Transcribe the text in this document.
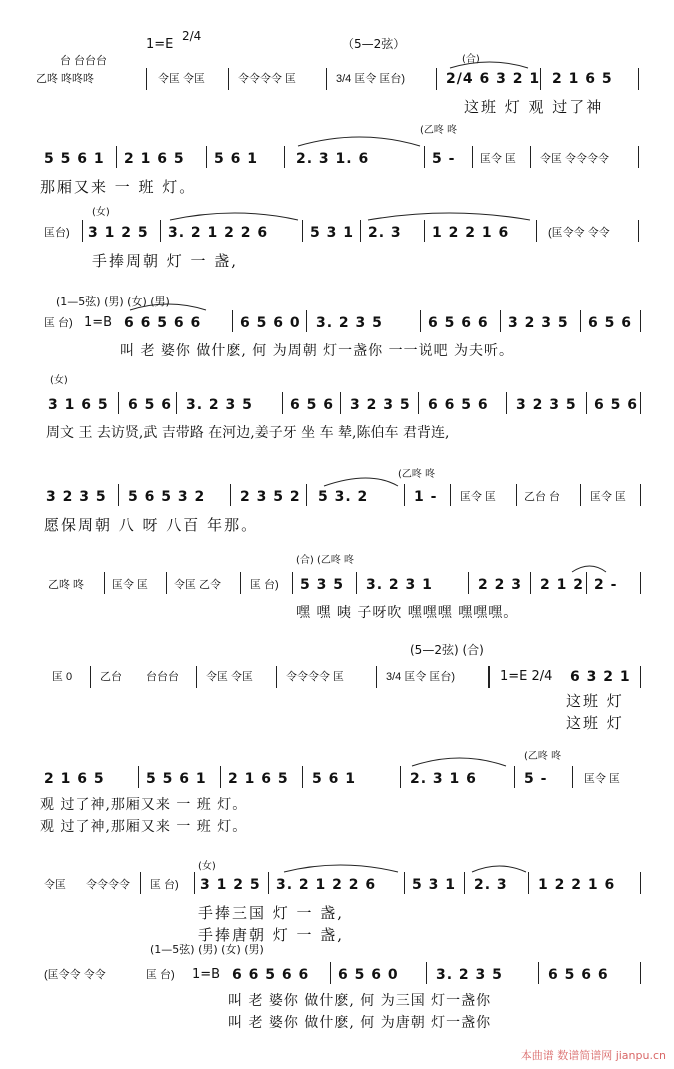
1=E
2/4
（5—2弦）
(合)
台 台台台
乙咚 咚咚咚	令匡 令匡	令令令令 匡	3/4 匡令 匡台)	2/4 6 3 2 1 2 1 6 5
这班 灯 观 过了神
(乙咚 咚
5 5 6 1 2 1 6 5 5 6 1	2. 3 1. 6	5 - 匡令 匡 令匡 令令令令
那厢又来 一 班 灯。
(女)
匡台) 3 1 2 5 3. 2 1 2 2 6	5 3 1 2. 3 1 2 2 1 6	(匡令令 令令
手捧周朝 灯 一 盏,
(1—5弦) (男) (女) (男)
匡 台) 1=B 6 6 5 6 6	6 5 6 0 3. 2 3 5	6 5 6 6 3 2 3 5 6 5 6
叫 老 婆你 做什麽, 何 为周朝 灯一盏你 一一说吧 为夫听。
(女)
3 1 6 5 6 5 6 3. 2 3 5	6 5 6 3 2 3 5 6 6 5 6 3 2 3 5 6 5 6
周文 王 去访贤,武 吉带路 在河边,姜子牙 坐 车 辇,陈伯车 君背连,
(乙咚 咚
3 2 3 5 5 6 5 3 2 2 3 5 2 5 3. 2	1 - 匡令 匡	乙台 台	匡令 匡
愿保周朝 八 呀 八百 年那。
(合) (乙咚 咚
乙咚 咚	匡令 匡 令匡 乙令	匡 台) 5 3 5 3. 2 3 1	2 2 3 2 1 2 2 -
嘿 嘿 咦 子呀吹 嘿嘿嘿 嘿嘿嘿。
(5—2弦) (合)
匡 0	乙台 台台台 令匡 令匡	令令令令 匡	3/4 匡令 匡台)	1=E 2/4 6 3 2 1
这班 灯
这班 灯
(乙咚 咚
2 1 6 5	5 5 6 1 2 1 6 5 5 6 1	2. 3 1 6	5 -	匡令 匡
观 过了神,那厢又来 一 班 灯。
观 过了神,那厢又来 一 班 灯。
(女)
令匡 令令令令 匡 台) 3 1 2 5 3. 2 1 2 2 6	5 3 1 2. 3 1 2 2 1 6
手捧三国 灯 一 盏,
手捧唐朝 灯 一 盏,
(1—5弦) (男) (女) (男)
(匡令令 令令	匡 台) 1=B 6 6 5 6 6 6 5 6 0	3. 2 3 5	6 5 6 6
叫 老 婆你 做什麽, 何 为三国 灯一盏你
叫 老 婆你 做什麽, 何 为唐朝 灯一盏你
本曲谱 数谱简谱网 jianpu.cn
